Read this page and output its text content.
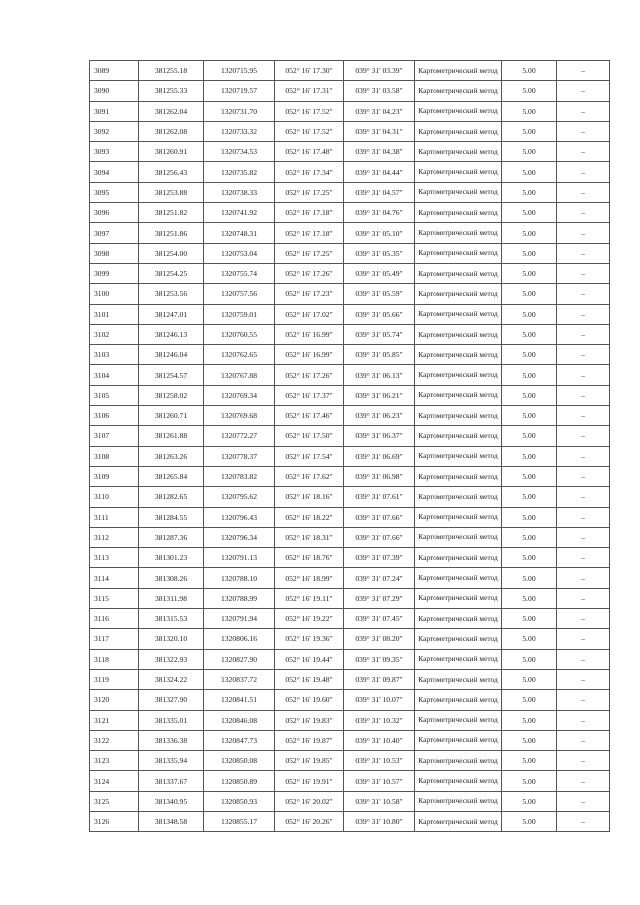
3089	381255.18	1320715.95	052° 16' 17.30"	039° 31' 03.39"	Картометрический метод	5.00	–
3090	381255.33	1320719.57	052° 16' 17.31"	039° 31' 03.58"	Картометрический метод	5.00	–
3091	381262.04	1320731.70	052° 16' 17.52"	039° 31' 04.23"	Картометрический метод	5.00	–
3092	381262.08	1320733.32	052° 16' 17.52"	039° 31' 04.31"	Картометрический метод	5.00	–
3093	381260.91	1320734.53	052° 16' 17.48"	039° 31' 04.38"	Картометрический метод	5.00	–
3094	381256.43	1320735.82	052° 16' 17.34"	039° 31' 04.44"	Картометрический метод	5.00	–
3095	381253.88	1320738.33	052° 16' 17.25"	039° 31' 04.57"	Картометрический метод	5.00	–
3096	381251.82	1320741.92	052° 16' 17.18"	039° 31' 04.76"	Картометрический метод	5.00	–
3097	381251.86	1320748.31	052° 16' 17.18"	039° 31' 05.10"	Картометрический метод	5.00	–
3098	381254.00	1320753.04	052° 16' 17.25"	039° 31' 05.35"	Картометрический метод	5.00	–
3099	381254.25	1320755.74	052° 16' 17.26"	039° 31' 05.49"	Картометрический метод	5.00	–
3100	381253.56	1320757.56	052° 16' 17.23"	039° 31' 05.59"	Картометрический метод	5.00	–
3101	381247.01	1320759.01	052° 16' 17.02"	039° 31' 05.66"	Картометрический метод	5.00	–
3102	381246.13	1320760.55	052° 16' 16.99"	039° 31' 05.74"	Картометрический метод	5.00	–
3103	381246.04	1320762.65	052° 16' 16.99"	039° 31' 05.85"	Картометрический метод	5.00	–
3104	381254.57	1320767.88	052° 16' 17.26"	039° 31' 06.13"	Картометрический метод	5.00	–
3105	381258.02	1320769.34	052° 16' 17.37"	039° 31' 06.21"	Картометрический метод	5.00	–
3106	381260.71	1320769.68	052° 16' 17.46"	039° 31' 06.23"	Картометрический метод	5.00	–
3107	381261.88	1320772.27	052° 16' 17.50"	039° 31' 06.37"	Картометрический метод	5.00	–
3108	381263.26	1320778.37	052° 16' 17.54"	039° 31' 06.69"	Картометрический метод	5.00	–
3109	381265.84	1320783.82	052° 16' 17.62"	039° 31' 06.98"	Картометрический метод	5.00	–
3110	381282.65	1320795.62	052° 16' 18.16"	039° 31' 07.61"	Картометрический метод	5.00	–
3111	381284.55	1320796.43	052° 16' 18.22"	039° 31' 07.66"	Картометрический метод	5.00	–
3112	381287.36	1320796.34	052° 16' 18.31"	039° 31' 07.66"	Картометрический метод	5.00	–
3113	381301.23	1320791.13	052° 16' 18.76"	039° 31' 07.39"	Картометрический метод	5.00	–
3114	381308.26	1320788.10	052° 16' 18.99"	039° 31' 07.24"	Картометрический метод	5.00	–
3115	381311.98	1320788.99	052° 16' 19.11"	039° 31' 07.29"	Картометрический метод	5.00	–
3116	381315.53	1320791.94	052° 16' 19.22"	039° 31' 07.45"	Картометрический метод	5.00	–
3117	381320.10	1320806.16	052° 16' 19.36"	039° 31' 08.20"	Картометрический метод	5.00	–
3118	381322.93	1320827.90	052° 16' 19.44"	039° 31' 09.35"	Картометрический метод	5.00	–
3119	381324.22	1320837.72	052° 16' 19.48"	039° 31' 09.87"	Картометрический метод	5.00	–
3120	381327.90	1320841.51	052° 16' 19.60"	039° 31' 10.07"	Картометрический метод	5.00	–
3121	381335.01	1320846.08	052° 16' 19.83"	039° 31' 10.32"	Картометрический метод	5.00	–
3122	381336.38	1320847.73	052° 16' 19.87"	039° 31' 10.40"	Картометрический метод	5.00	–
3123	381335.94	1320850.08	052° 16' 19.85"	039° 31' 10.53"	Картометрический метод	5.00	–
3124	381337.67	1320850.89	052° 16' 19.91"	039° 31' 10.57"	Картометрический метод	5.00	–
3125	381340.95	1320850.93	052° 16' 20.02"	039° 31' 10.58"	Картометрический метод	5.00	–
3126	381348.58	1320855.17	052° 16' 20.26"	039° 31' 10.80"	Картометрический метод	5.00	–
